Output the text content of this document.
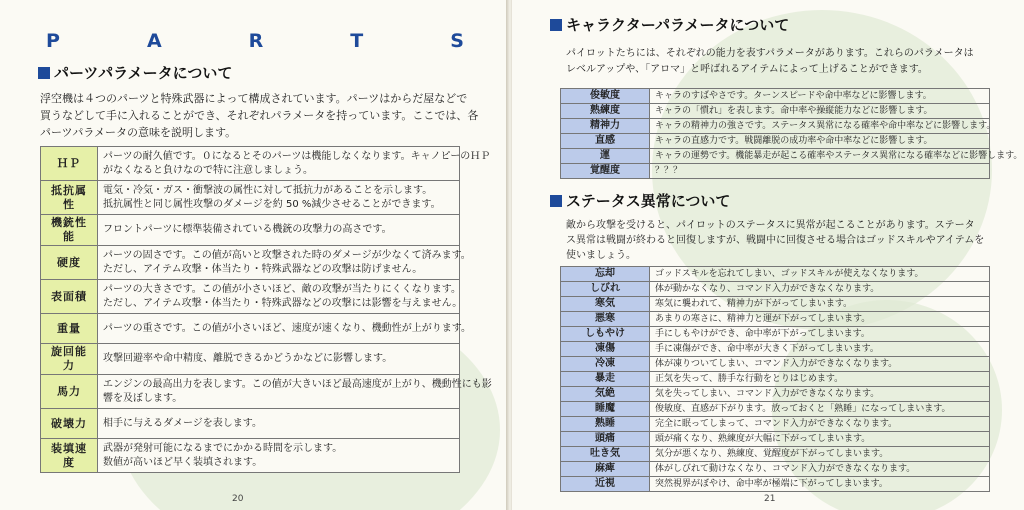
P	A	R	T	S
パーツパラメータについて
浮空機は４つのパーツと特殊武器によって構成されています。パーツはからだ屋などで
買うなどして手に入れることができ、それぞれパラメータを持っています。ここでは、各
パーツパラメータの意味を説明します。
ＨＰ	パーツの耐久値です。０になるとそのパーツは機能しなくなります。キャノピーのＨＰ
がなくなると負けなので特に注意しましょう。

抵抗属性	電気・冷気・ガス・衝撃波の属性に対して抵抗力があることを示します。
抵抗属性と同じ属性攻撃のダメージを約 50 %減少させることができます。

機銃性能	フロントパーツに標準装備されている機銃の攻撃力の高さです。

硬度	パーツの固さです。この値が高いと攻撃された時のダメージが少なくて済みます。
ただし、アイテム攻撃・体当たり・特殊武器などの攻撃は防げません。

表面積	パーツの大きさです。この値が小さいほど、敵の攻撃が当たりにくくなります。
ただし、アイテム攻撃・体当たり・特殊武器などの攻撃には影響を与えません。

重量	パーツの重さです。この値が小さいほど、速度が速くなり、機動性が上がります。

旋回能力	攻撃回避率や命中精度、離脱できるかどうかなどに影響します。

馬力	エンジンの最高出力を表します。この値が大きいほど最高速度が上がり、機動性にも影
響を及ぼします。

破壊力	相手に与えるダメージを表します。

装填速度	武器が発射可能になるまでにかかる時間を示します。
数値が高いほど早く装填されます。
20
キャラクターパラメータについて
パイロットたちには、それぞれの能力を表すパラメータがあります。これらのパラメータは
レベルアップや、「アロマ」と呼ばれるアイテムによって上げることができます。
俊敏度	キャラのすばやさです。ターンスピードや命中率などに影響します。
熟練度	キャラの「慣れ」を表します。命中率や操縦能力などに影響します。
精神力	キャラの精神力の強さです。ステータス異常になる確率や命中率などに影響します。
直感	キャラの直感力です。戦闘離脱の成功率や命中率などに影響します。
運	キャラの運勢です。機能暴走が起こる確率やステータス異常になる確率などに影響します。
覚醒度	？？？
ステータス異常について
敵から攻撃を受けると、パイロットのステータスに異常が起こることがあります。ステータ
ス異常は戦闘が終わると回復しますが、戦闘中に回復させる場合はゴッドスキルやアイテムを
使いましょう。
忘却	ゴッドスキルを忘れてしまい、ゴッドスキルが使えなくなります。
しびれ	体が動かなくなり、コマンド入力ができなくなります。
寒気	寒気に襲われて、精神力が下がってしまいます。
悪寒	あまりの寒さに、精神力と運が下がってしまいます。
しもやけ	手にしもやけができ、命中率が下がってしまいます。
凍傷	手に凍傷ができ、命中率が大きく下がってしまいます。
冷凍	体が凍りついてしまい、コマンド入力ができなくなります。
暴走	正気を失って、勝手な行動をとりはじめます。
気絶	気を失ってしまい、コマンド入力ができなくなります。
睡魔	俊敏度、直感が下がります。放っておくと「熟睡」になってしまいます。
熟睡	完全に眠ってしまって、コマンド入力ができなくなります。
頭痛	頭が痛くなり、熟練度が大幅に下がってしまいます。
吐き気	気分が悪くなり、熟練度、覚醒度が下がってしまいます。
麻痺	体がしびれて動けなくなり、コマンド入力ができなくなります。
近視	突然視界がぼやけ、命中率が極端に下がってしまいます。
21
